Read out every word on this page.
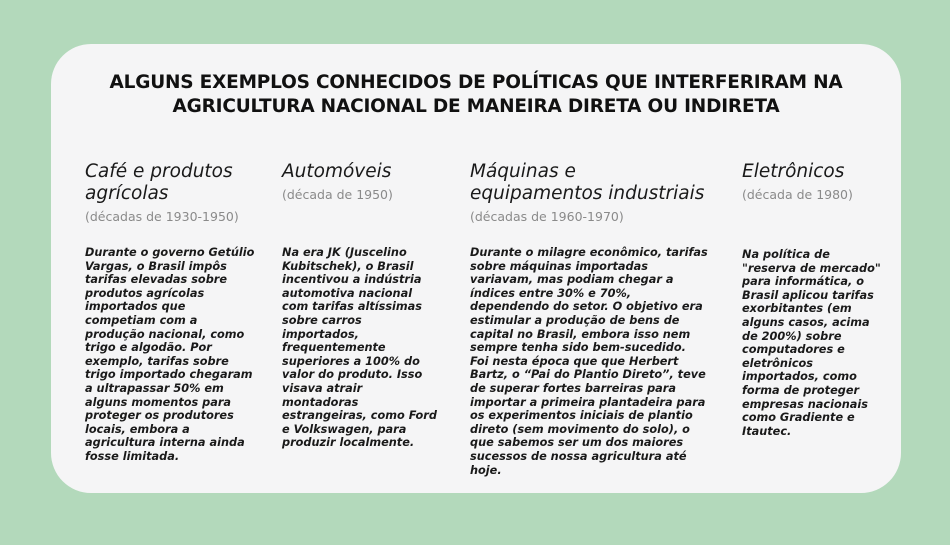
ALGUNS EXEMPLOS CONHECIDOS DE POLÍTICAS QUE INTERFERIRAM NA
AGRICULTURA NACIONAL DE MANEIRA DIRETA OU INDIRETA
Café e produtos agrícolas
(décadas de 1930-1950)

Durante o governo Getúlio Vargas, o Brasil impôs tarifas elevadas sobre produtos agrícolas importados que competiam com a produção nacional, como trigo e algodão. Por exemplo, tarifas sobre trigo importado chegaram a ultrapassar 50% em alguns momentos para proteger os produtores locais, embora a agricultura interna ainda fosse limitada.

Automóveis
(década de 1950)

Na era JK (Juscelino Kubitschek), o Brasil incentivou a indústria automotiva nacional com tarifas altíssimas sobre carros importados, frequentemente superiores a 100% do valor do produto. Isso visava atrair montadoras estrangeiras, como Ford e Volkswagen, para produzir localmente.

Máquinas e equipamentos industriais
(décadas de 1960-1970)

Durante o milagre econômico, tarifas sobre máquinas importadas variavam, mas podiam chegar a índices entre 30% e 70%, dependendo do setor. O objetivo era estimular a produção de bens de capital no Brasil, embora isso nem sempre tenha sido bem-sucedido. Foi nesta época que que Herbert Bartz, o “Pai do Plantio Direto”, teve de superar fortes barreiras para importar a primeira plantadeira para os experimentos iniciais de plantio direto (sem movimento do solo), o que sabemos ser um dos maiores sucessos de nossa agricultura até hoje.

Eletrônicos
(década de 1980)

Na política de "reserva de mercado" para informática, o Brasil aplicou tarifas exorbitantes (em alguns casos, acima de 200%) sobre computadores e eletrônicos importados, como forma de proteger empresas nacionais como Gradiente e Itautec.
